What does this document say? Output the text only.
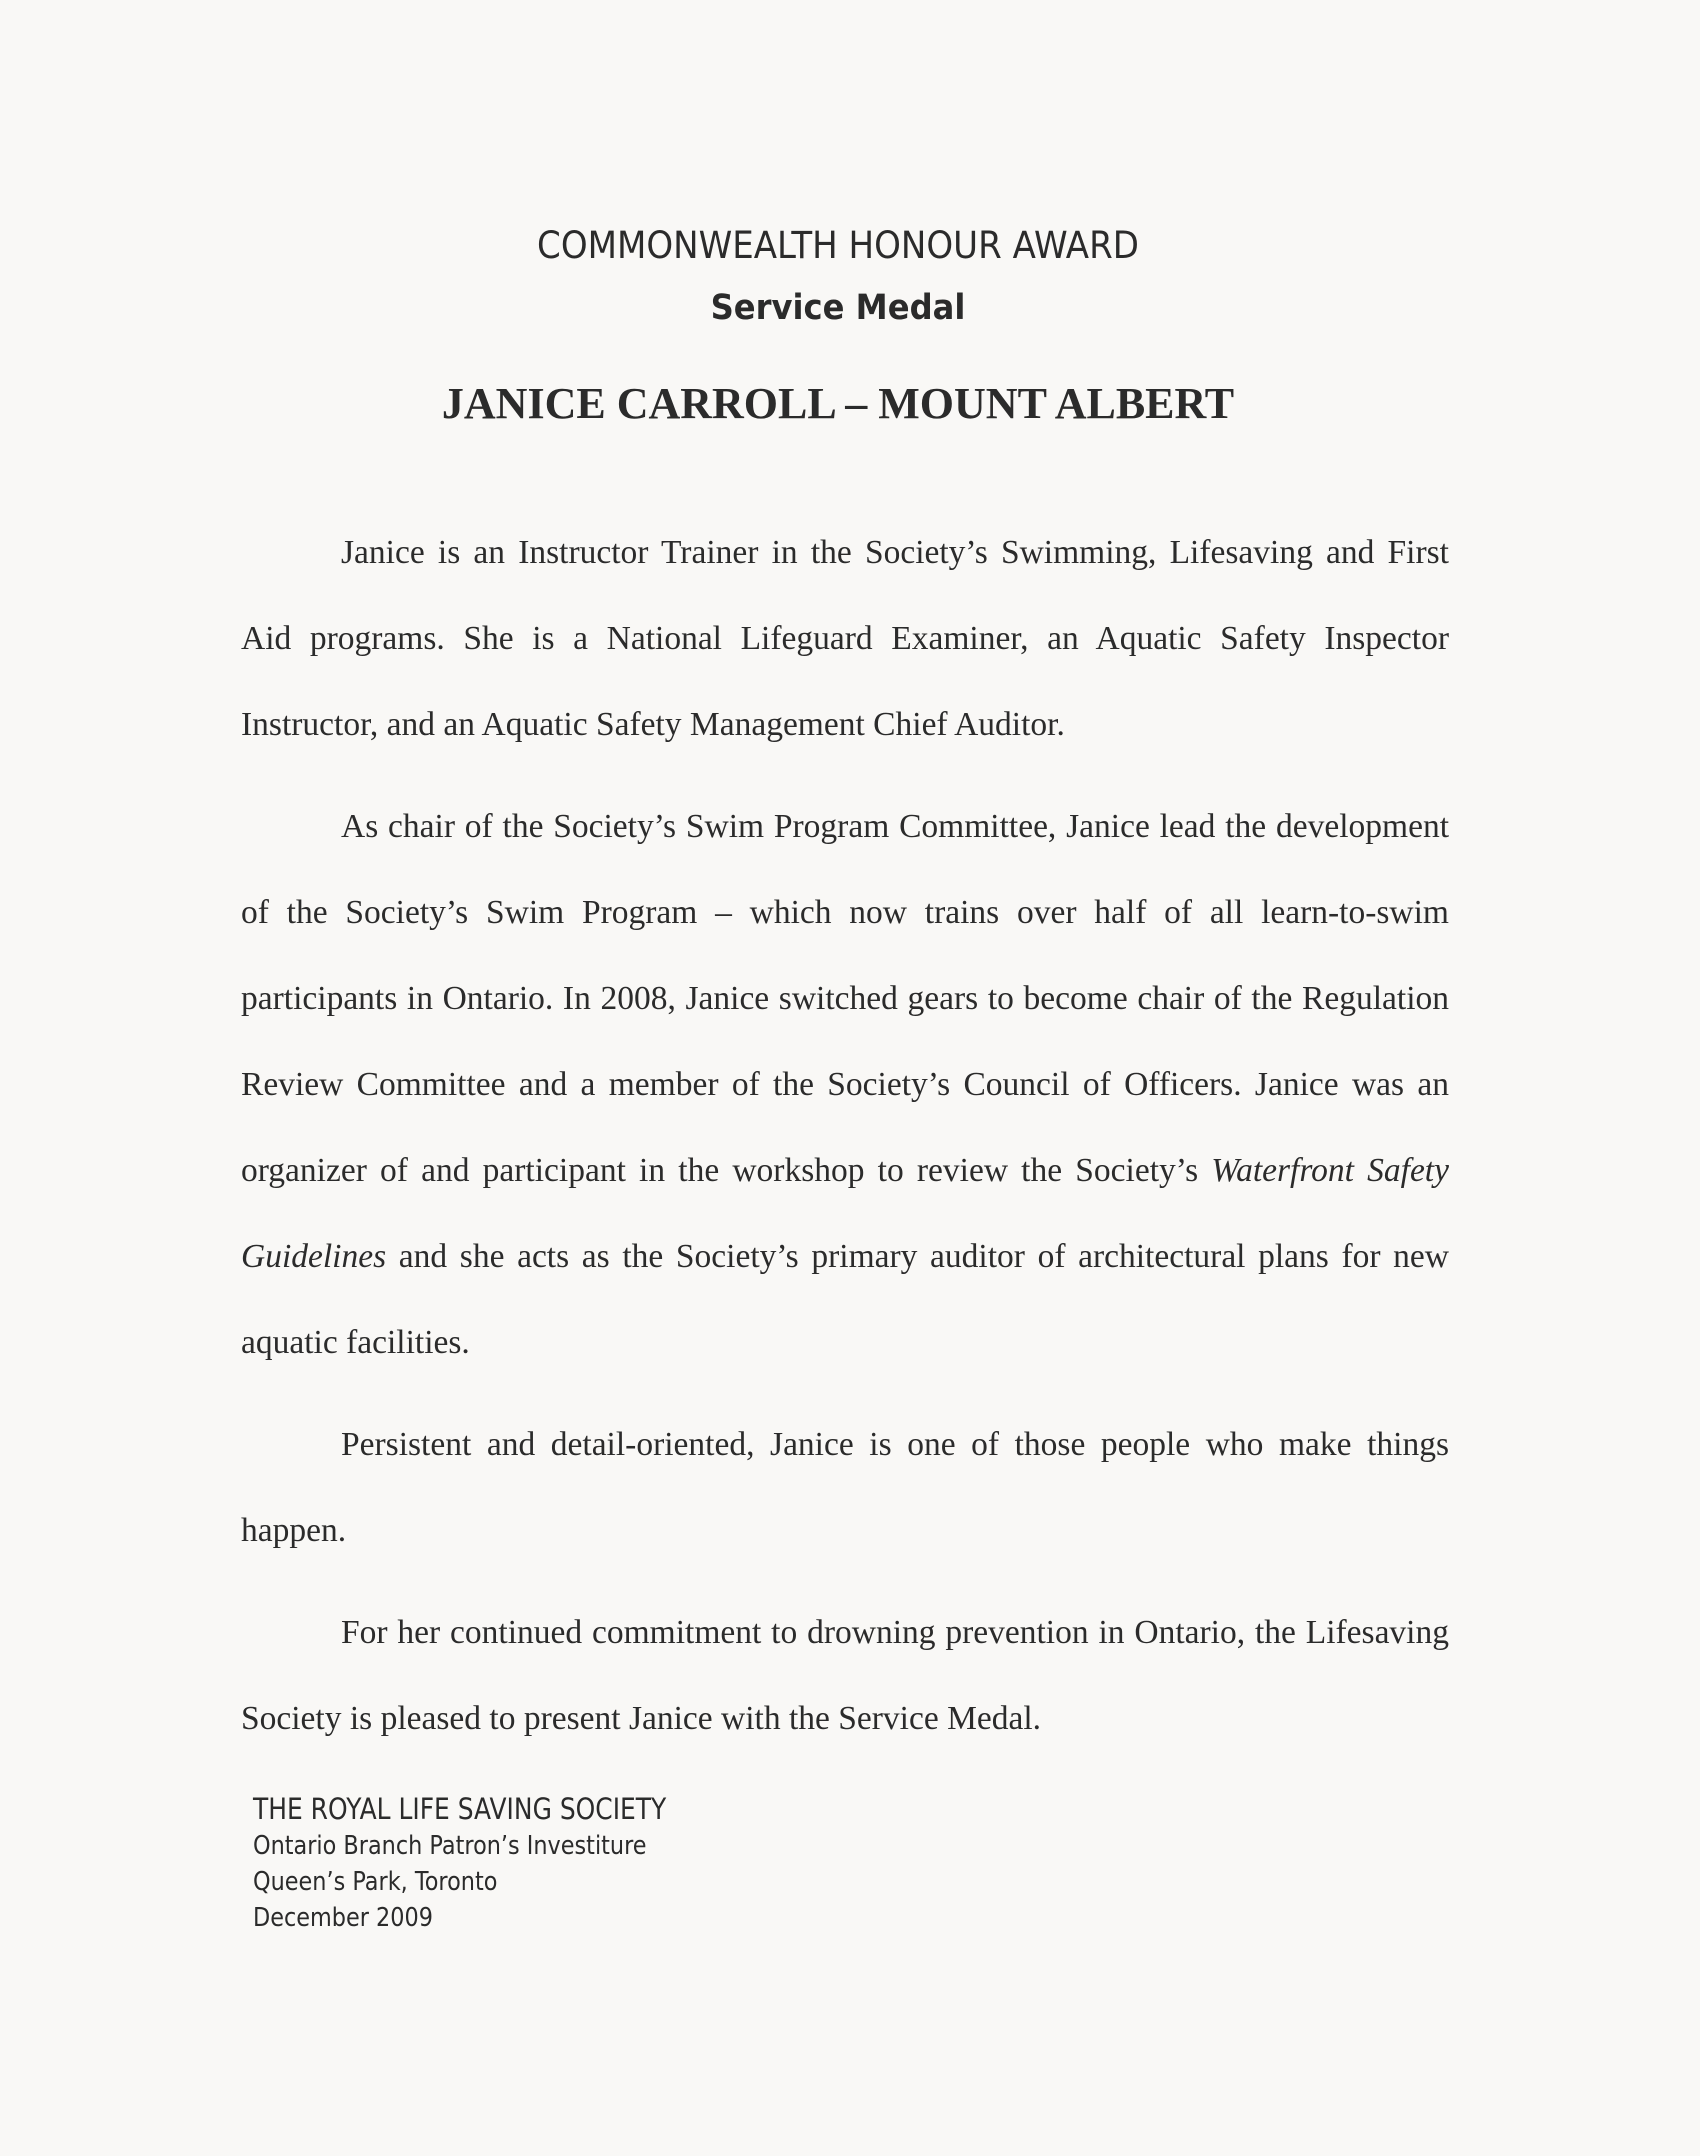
COMMONWEALTH HONOUR AWARD
Service Medal
JANICE CARROLL – MOUNT ALBERT

Janice is an Instructor Trainer in the Society’s Swimming, Lifesaving and First Aid programs. She is a National Lifeguard Examiner, an Aquatic Safety Inspector Instructor, and an Aquatic Safety Management Chief Auditor.

As chair of the Society’s Swim Program Committee, Janice lead the development of the Society’s Swim Program – which now trains over half of all learn-to-swim participants in Ontario. In 2008, Janice switched gears to become chair of the Regulation Review Committee and a member of the Society’s Council of Officers. Janice was an organizer of and participant in the workshop to review the Society’s Waterfront Safety Guidelines and she acts as the Society’s primary auditor of architectural plans for new aquatic facilities.

Persistent and detail-oriented, Janice is one of those people who make things happen.

For her continued commitment to drowning prevention in Ontario, the Lifesaving Society is pleased to present Janice with the Service Medal.

THE ROYAL LIFE SAVING SOCIETY
Ontario Branch Patron’s Investiture
Queen’s Park, Toronto
December 2009
